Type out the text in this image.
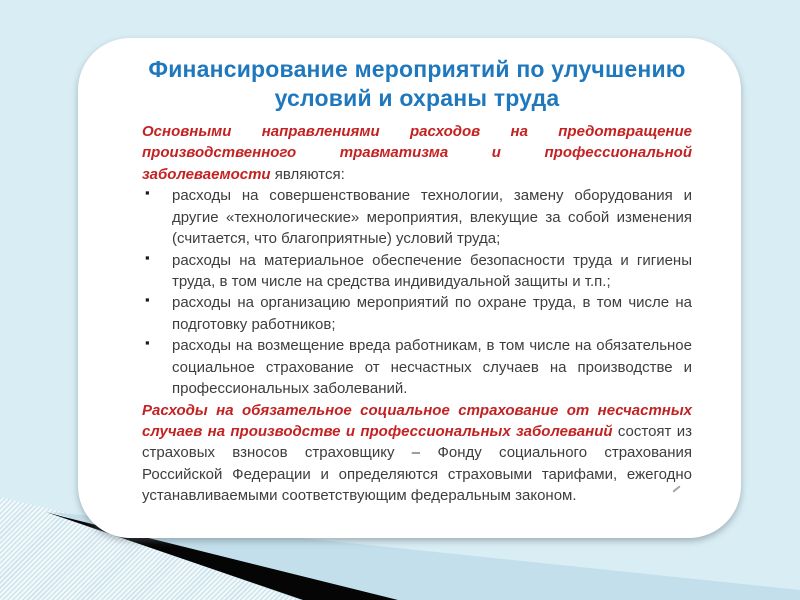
Финансирование мероприятий по улучшению условий и охраны труда

Основными направлениями расходов на предотвращение производственного травматизма и профессиональной заболеваемости являются:

▪ расходы на совершенствование технологии, замену оборудования и другие «технологические» мероприятия, влекущие за собой изменения (считается, что благоприятные) условий труда;
▪ расходы на материальное обеспечение безопасности труда и гигиены труда, в том числе на средства индивидуальной защиты и т.п.;
▪ расходы на организацию мероприятий по охране труда, в том числе на подготовку работников;
▪ расходы на возмещение вреда работникам, в том числе на обязательное социальное страхование от несчастных случаев на производстве и профессиональных заболеваний.

Расходы на обязательное социальное страхование от несчастных случаев на производстве и профессиональных заболеваний состоят из страховых взносов страховщику – Фонду социального страхования Российской Федерации и определяются страховыми тарифами, ежегодно устанавливаемыми соответствующим федеральным законом.
